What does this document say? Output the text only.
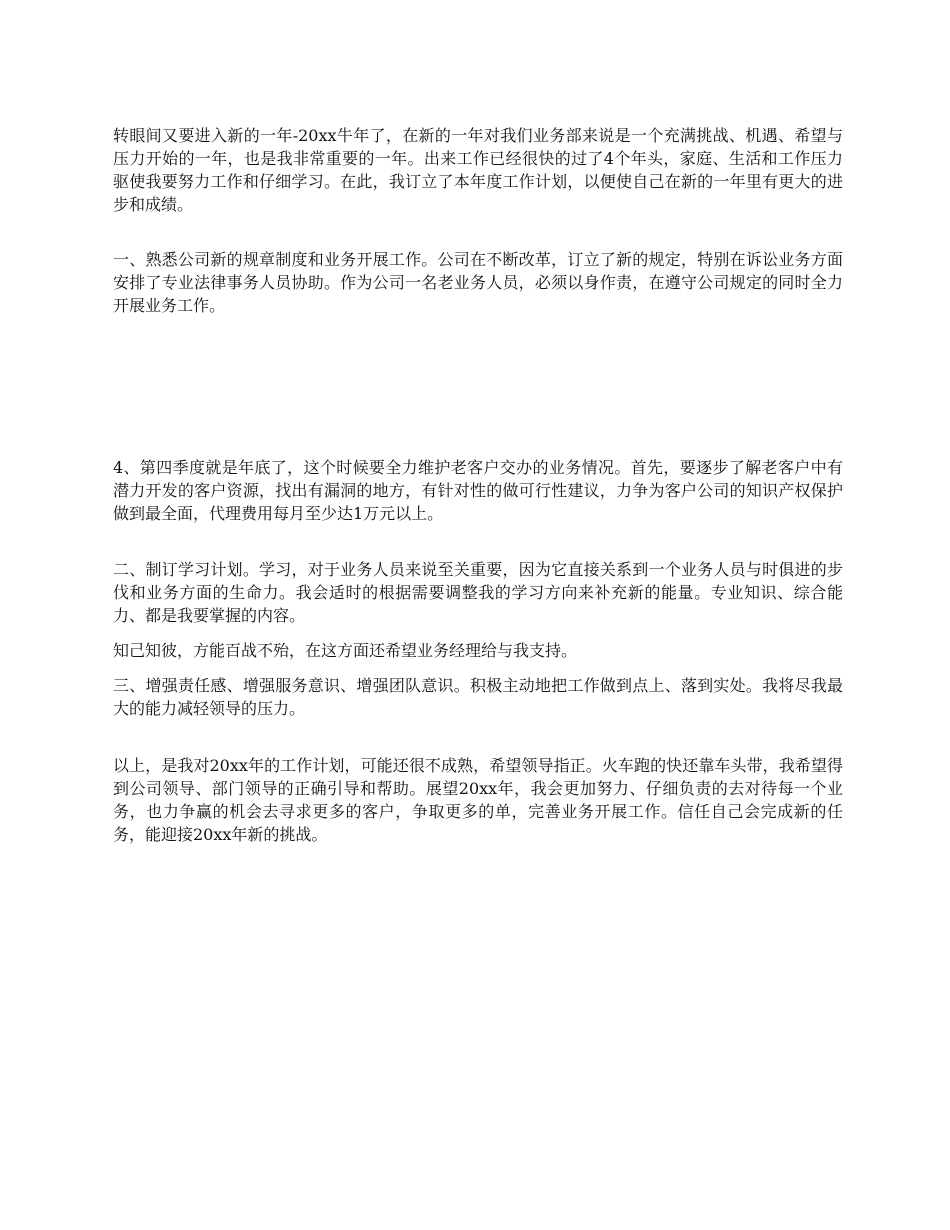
转眼间又要进入新的一年-20xx牛年了，在新的一年对我们业务部来说是一个充满挑战、机遇、希望与压力开始的一年，也是我非常重要的一年。出来工作已经很快的过了4个年头，家庭、生活和工作压力驱使我要努力工作和仔细学习。在此，我订立了本年度工作计划，以便使自己在新的一年里有更大的进步和成绩。

一、熟悉公司新的规章制度和业务开展工作。公司在不断改革，订立了新的规定，特别在诉讼业务方面安排了专业法律事务人员协助。作为公司一名老业务人员，必须以身作责，在遵守公司规定的同时全力开展业务工作。

4、第四季度就是年底了，这个时候要全力维护老客户交办的业务情况。首先，要逐步了解老客户中有潜力开发的客户资源，找出有漏洞的地方，有针对性的做可行性建议，力争为客户公司的知识产权保护做到最全面，代理费用每月至少达1万元以上。

二、制订学习计划。学习，对于业务人员来说至关重要，因为它直接关系到一个业务人员与时俱进的步伐和业务方面的生命力。我会适时的根据需要调整我的学习方向来补充新的能量。专业知识、综合能力、都是我要掌握的内容。

知己知彼，方能百战不殆，在这方面还希望业务经理给与我支持。

三、增强责任感、增强服务意识、增强团队意识。积极主动地把工作做到点上、落到实处。我将尽我最大的能力减轻领导的压力。

以上，是我对20xx年的工作计划，可能还很不成熟，希望领导指正。火车跑的快还靠车头带，我希望得到公司领导、部门领导的正确引导和帮助。展望20xx年，我会更加努力、仔细负责的去对待每一个业务，也力争赢的机会去寻求更多的客户，争取更多的单，完善业务开展工作。信任自己会完成新的任务，能迎接20xx年新的挑战。
